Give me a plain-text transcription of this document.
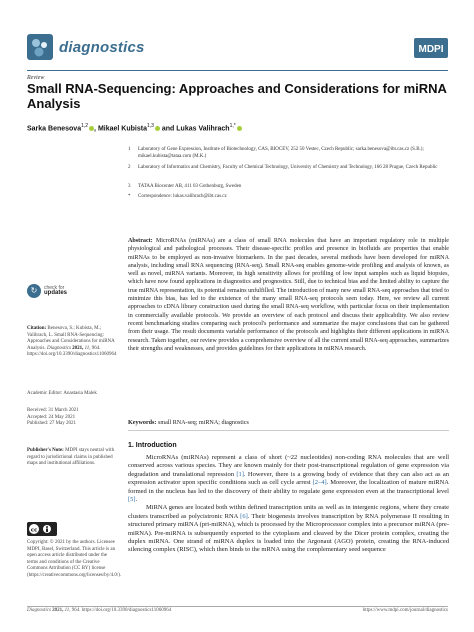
diagnostics	MDPI
Review
Small RNA-Sequencing: Approaches and Considerations for miRNA Analysis
Sarka Benesova$^{1,2}$ , Mikael Kubista$^{1,3}$ and Lukas Valihrach$^{1,*}$
1 Laboratory of Gene Expression, Institute of Biotechnology, CAS, BIOCEV, 252 50 Vestec, Czech Republic; sarka.benesova@ibt.cas.cz (S.B.); mikael.kubista@tataa.com (M.K.)
2 Laboratory of Informatics and Chemistry, Faculty of Chemical Technology, University of Chemistry and Technology, 166 28 Prague, Czech Republic
3 TATAA Biocenter AB, 411 03 Gothenburg, Sweden
* Correspondence: lukas.valihrach@ibt.cas.cz
Abstract: MicroRNAs (miRNAs) are a class of small RNA molecules that have an important regulatory role in multiple physiological and pathological processes. Their disease-specific profiles and presence in biofluids are properties that enable miRNAs to be employed as non-invasive biomarkers. In the past decades, several methods have been developed for miRNA analysis, including small RNA sequencing (RNA-seq). Small RNA-seq enables genome-wide profiling and analysis of known, as well as novel, miRNA variants. Moreover, its high sensitivity allows for profiling of low input samples such as liquid biopsies, which have now found applications in diagnostics and prognostics. Still, due to technical bias and the limited ability to capture the true miRNA representation, its potential remains unfulfilled. The introduction of many new small RNA-seq approaches that tried to minimize this bias, has led to the existence of the many small RNA-seq protocols seen today. Here, we review all current approaches to cDNA library construction used during the small RNA-seq workflow, with particular focus on their implementation in commercially available protocols. We provide an overview of each protocol and discuss their applicability. We also review recent benchmarking studies comparing each protocol's performance and summarize the major conclusions that can be gathered from their usage. The result documents variable performance of the protocols and highlights their different applications in miRNA research. Taken together, our review provides a comprehensive overview of all the current small RNA-seq approaches, summarizes their strengths and weaknesses, and provides guidelines for their applications in miRNA research.
Keywords: small RNA-seq; miRNA; diagnostics
↻	check for
updates
Citation: Benesova, S.; Kubista, M.; Valihrach, L. Small RNA-Sequencing: Approaches and Considerations for miRNA Analysis. Diagnostics 2021, 11, 964. https://doi.org/10.3390/diagnostics11060964
Academic Editor: Anastasia Malek
Received: 31 March 2021
Accepted: 24 May 2021
Published: 27 May 2021
Publisher's Note: MDPI stays neutral with regard to jurisdictional claims in published maps and institutional affiliations.
cc
Copyright: © 2021 by the authors. Licensee MDPI, Basel, Switzerland. This article is an open access article distributed under the terms and conditions of the Creative Commons Attribution (CC BY) license (https://creativecommons.org/licenses/by/4.0/).
1. Introduction

MicroRNAs (miRNAs) represent a class of short (~22 nucleotides) non-coding RNA molecules that are well conserved across various species. They are known mainly for their post-transcriptional regulation of gene expression via degradation and translational repression [1]. However, there is a growing body of evidence that they can also act as an expression activator upon specific conditions such as cell cycle arrest [2–4]. Moreover, the localization of mature miRNA formed in the nucleus has led to the discovery of their ability to regulate gene expression even at the transcriptional level [5].

MiRNA genes are located both within defined transcription units as well as in intergenic regions, where they create clusters transcribed as polycistronic RNA [6]. Their biogenesis involves transcription by RNA polymerase II resulting in structured primary miRNA (pri-miRNA), which is processed by the Microprocessor complex into a precursor miRNA (pre-miRNA). Pre-miRNA is subsequently exported to the cytoplasm and cleaved by the Dicer protein complex, creating the duplex miRNA. One strand of miRNA duplex is loaded into the Argonaut (AGO) protein, creating the RNA-induced silencing complex (RISC), which then binds to the mRNA using the complementary seed sequence

Diagnostics 2021, 11, 964. https://doi.org/10.3390/diagnostics11060964	https://www.mdpi.com/journal/diagnostics
